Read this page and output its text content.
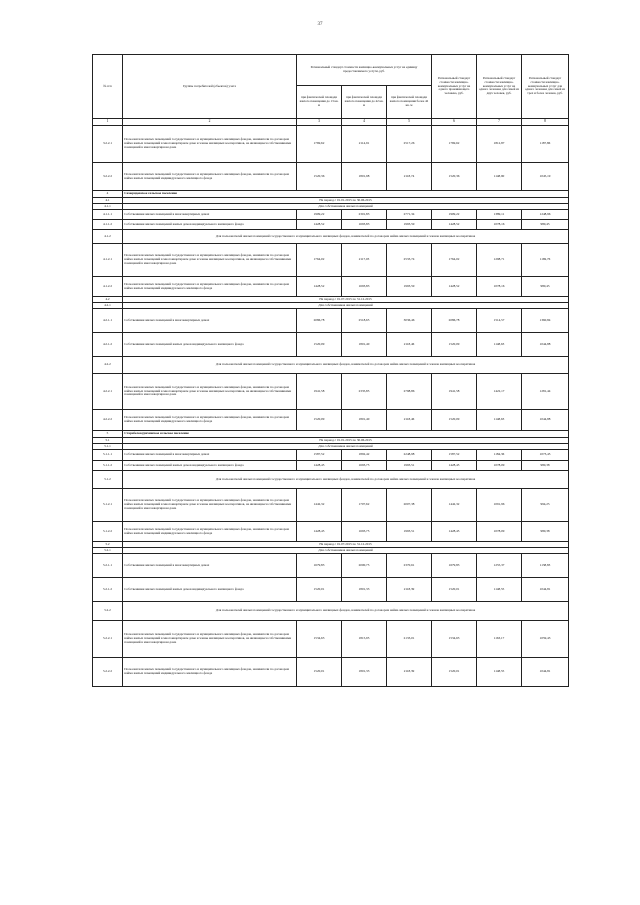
37
№ п/п	Группы потребителей (объектов) учета	Региональный стандарт стоимости жилищно-коммунальных услуг на единицу предоставляемого услуги, руб.			Региональный стандарт стоимости жилищно-коммунальных услуг на одного проживающего человека, руб.	Региональный стандарт стоимости жилищно-коммунальных услуг на одного человека для семей из двух человек, руб.	Региональный стандарт стоимости жилищно-коммунальных услуг для одного человека для семей из трех и более человек, руб.
		при фактической площади жилого помещения до 13 кв. м	при фактической площади жилого помещения до 42 кв. м	при фактической площади жилого помещения более 42 кв. м			
1	2	3	4	5	6	7	8
3.2.2.1	Пользователи жилых помещений государственного и муниципального жилищных фондов, наниматели по договорам найма жилых помещений в многоквартирном доме и члены жилищных кооперативов, не являющиеся собственниками помещений в многоквартирном доме	1769,62	2114,91	2517,26	1769,62	1812,87	1187,86
3.2.2.2	Пользователи жилых помещений государственного и муниципального жилищных фондов, наниматели по договорам найма жилых помещений индивидуального жилищного фонда	1520,36	1801,98	2118,74	1520,36	1148,90	1045,19
4	Саморядовское сельское поселение						
4.1	На период с 01.01.2015 по 30.06.2015						
4.1.1	Для собственников жилых помещений						
4.1.1.1	Собственники жилых помещений в многоквартирных домах	1909,22	2301,83	2771,34	1909,22	1389,11	1248,96
4.1.1.2	Собственники жилых помещений жилых домов индивидуального жилищного фонда	1428,52	1693,83	1993,59	1428,52	1078,16	980,45
4.1.2	Для пользователей жилых помещений государственного и муниципального жилищных фондов, нанимателей по договорам найма жилых помещений и членов жилищных кооперативов						
4.1.2.1	Пользователи жилых помещений государственного и муниципального жилищных фондов, наниматели по договорам найма жилых помещений в многоквартирном доме и члены жилищных кооперативов, не являющиеся собственниками помещений в многоквартирном доме	1764,02	2117,03	2533,74	1764,02	1298,71	1169,76
4.1.2.2	Пользователи жилых помещений государственного и муниципального жилищных фондов, наниматели по договорам найма жилых помещений индивидуального жилищного фонда	1428,52	1693,83	1993,59	1428,52	1078,16	980,45
4.2	На период с 01.07.2015 по 31.12.2015						
4.2.1	Для собственников жилых помещений						
4.2.1.1	Собственники жилых помещений в многоквартирных домах	2086,78	2518,65	3036,46	2086,78	1514,57	1360,84
4.2.1.2	Собственники жилых помещений жилых домов индивидуального жилищного фонда	1520,09	1801,40	2118,46	1520,09	1148,63	1044,88
4.2.2	Для пользователей жилых помещений государственного и муниципального жилищных фондов, нанимателей по договорам найма жилых помещений и членов жилищных кооперативов						
4.2.2.1	Пользователи жилых помещений государственного и муниципального жилищных фондов, наниматели по договорам найма жилых помещений в многоквартирном доме и члены жилищных кооперативов, не являющиеся собственниками помещений в многоквартирном доме	1941,58	2335,85	2798,86	1941,58	1422,17	1281,44
4.2.2.2	Пользователи жилых помещений государственного и муниципального жилищных фондов, наниматели по договорам найма жилых помещений индивидуального жилищного фонда	1520,09	1801,40	2118,46	1520,09	1148,63	1044,88
5	Старобелокурихинское сельское поселение						
5.1	На период с 01.01.2015 по 30.06.2015						
5.1.1	Для собственников жилых помещений						
5.1.1.1	Собственники жилых помещений в многоквартирных домах	1587,52	1892,42	2248,98	1587,52	1184,36	1073,45
5.1.1.2	Собственники жилых помещений жилых домов индивидуального жилищного фонда	1428,45	1693,75	1993,51	1428,45	1078,09	980,38
5.1.2	Для пользователей жилых помещений государственного и муниципального жилищных фондов, нанимателей по договорам найма жилых помещений и членов жилищных кооперативов						
5.1.2.1	Пользователи жилых помещений государственного и муниципального жилищных фондов, наниматели по договорам найма жилых помещений в многоквартирном доме и члены жилищных кооперативов, не являющиеся собственниками помещений в многоквартирном доме	1442,32	1707,62	2007,38	1442,32	1091,96	994,25
5.1.2.2	Пользователи жилых помещений государственного и муниципального жилищных фондов, наниматели по договорам найма жилых помещений индивидуального жилищного фонда	1428,45	1693,75	1993,51	1428,45	1078,09	980,38
5.2	На период с 01.07.2015 по 31.12.2015						
5.2.1	Для собственников жилых помещений						
5.2.1.1	Собственники жилых помещений в многоквартирных домах	1679,83	2000,75	2370,61	1679,83	1255,37	1138,83
5.2.1.2	Собственники жилых помещений жилых домов индивидуального жилищного фонда	1520,01	1801,33	2118,39	1520,01	1148,55	1044,81
5.2.2	Для пользователей жилых помещений государственного и муниципального жилищных фондов, нанимателей по договорам найма жилых помещений и членов жилищных кооперативов						
5.2.2.1	Пользователи жилых помещений государственного и муниципального жилищных фондов, наниматели по договорам найма жилых помещений в многоквартирном доме и члены жилищных кооперативов, не являющиеся собственниками помещений в многоквартирном доме	1534,63	1815,95	2133,01	1534,63	1163,17	1059,43
5.2.2.2	Пользователи жилых помещений государственного и муниципального жилищных фондов, наниматели по договорам найма жилых помещений индивидуального жилищного фонда	1520,01	1801,33	2118,39	1520,01	1148,55	1044,81
